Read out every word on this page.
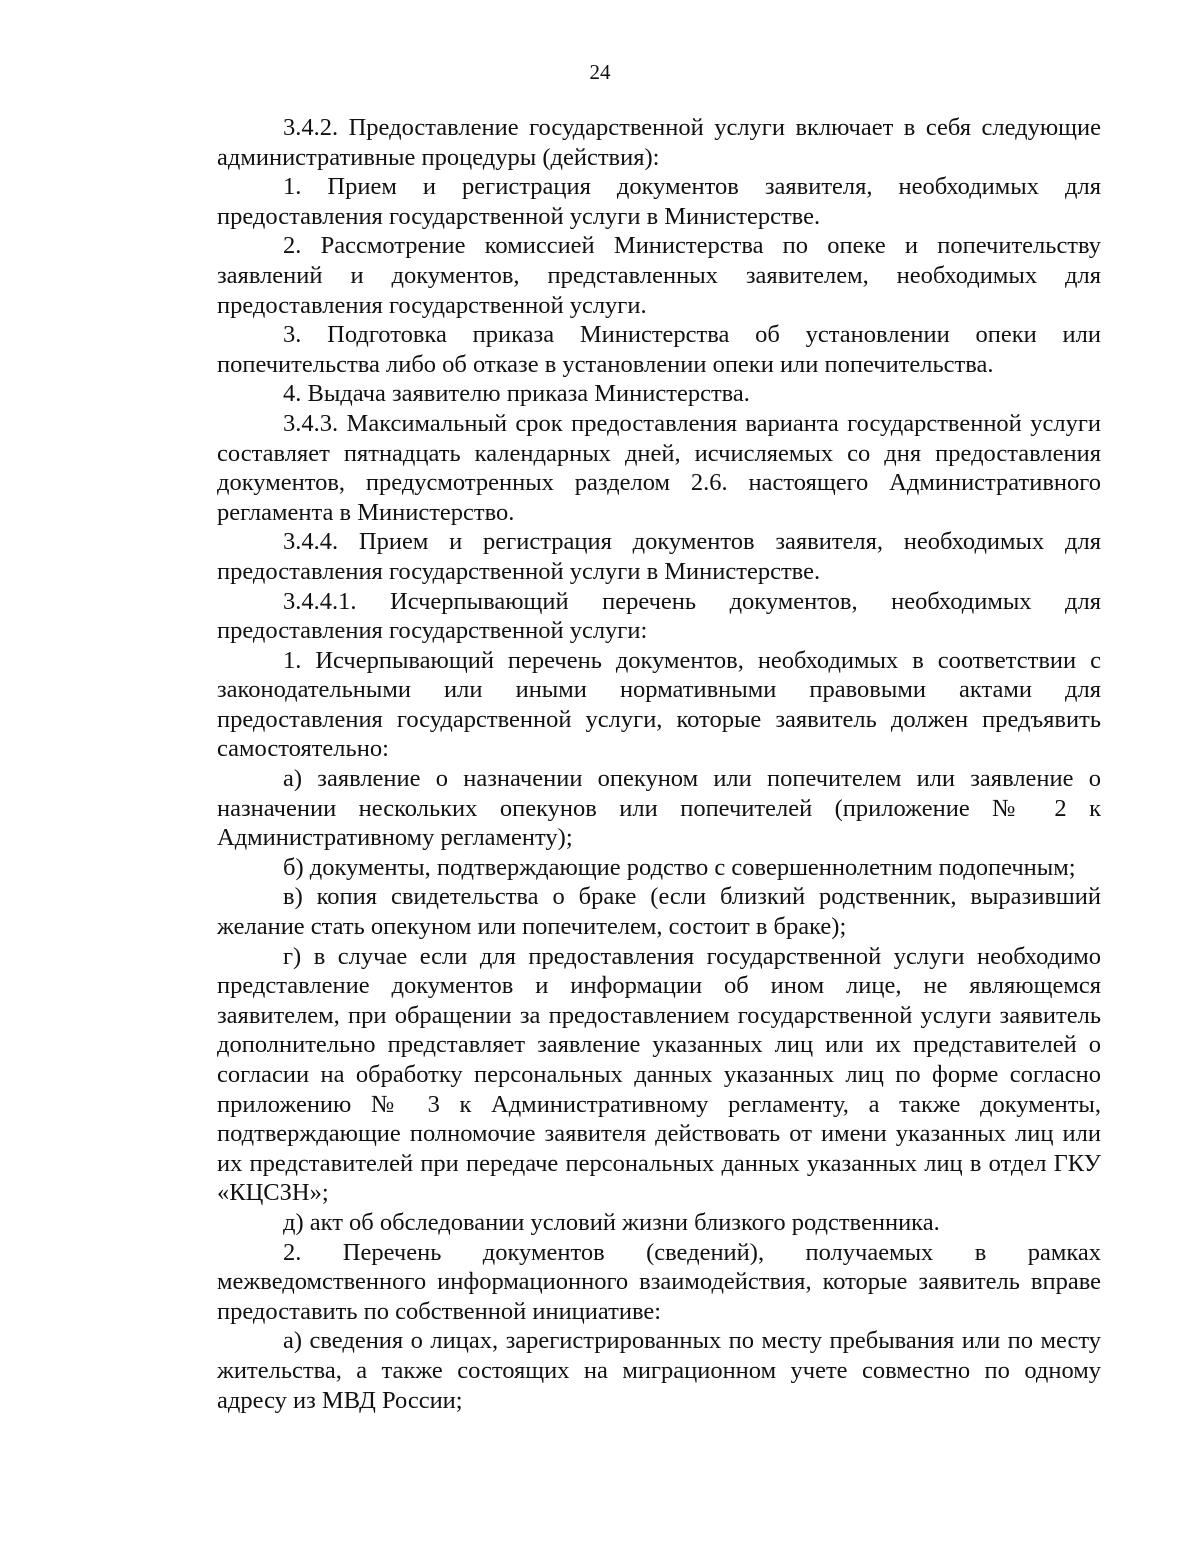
24

3.4.2. Предоставление государственной услуги включает в себя следующие административные процедуры (действия):

1. Прием и регистрация документов заявителя, необходимых для предоставления государственной услуги в Министерстве.

2. Рассмотрение комиссией Министерства по опеке и попечительству заявлений и документов, представленных заявителем, необходимых для предоставления государственной услуги.

3. Подготовка приказа Министерства об установлении опеки или попечительства либо об отказе в установлении опеки или попечительства.

4. Выдача заявителю приказа Министерства.

3.4.3. Максимальный срок предоставления варианта государственной услуги составляет пятнадцать календарных дней, исчисляемых со дня предоставления документов, предусмотренных разделом 2.6. настоящего Административного регламента в Министерство.

3.4.4. Прием и регистрация документов заявителя, необходимых для предоставления государственной услуги в Министерстве.

3.4.4.1. Исчерпывающий перечень документов, необходимых для предоставления государственной услуги:

1. Исчерпывающий перечень документов, необходимых в соответствии с законодательными или иными нормативными правовыми актами для предоставления государственной услуги, которые заявитель должен предъявить самостоятельно:

а) заявление о назначении опекуном или попечителем или заявление о назначении нескольких опекунов или попечителей (приложение № 2 к Административному регламенту);

б) документы, подтверждающие родство с совершеннолетним подопечным;

в) копия свидетельства о браке (если близкий родственник, выразивший желание стать опекуном или попечителем, состоит в браке);

г) в случае если для предоставления государственной услуги необходимо представление документов и информации об ином лице, не являющемся заявителем, при обращении за предоставлением государственной услуги заявитель дополнительно представляет заявление указанных лиц или их представителей о согласии на обработку персональных данных указанных лиц по форме согласно приложению № 3 к Административному регламенту, а также документы, подтверждающие полномочие заявителя действовать от имени указанных лиц или их представителей при передаче персональных данных указанных лиц в отдел ГКУ «КЦСЗН»;

д) акт об обследовании условий жизни близкого родственника.

2. Перечень документов (сведений), получаемых в рамках межведомственного информационного взаимодействия, которые заявитель вправе предоставить по собственной инициативе:

а) сведения о лицах, зарегистрированных по месту пребывания или по месту жительства, а также состоящих на миграционном учете совместно по одному адресу из МВД России;
